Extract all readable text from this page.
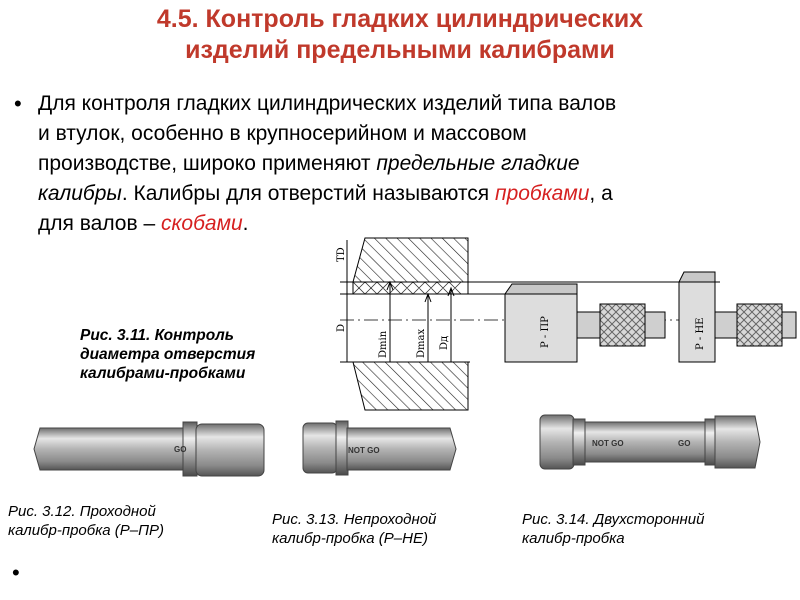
4.5. Контроль гладких цилиндрических
изделий предельными калибрами
• Для контроля гладких цилиндрических изделий типа валов
и втулок, особенно в крупносерийном и массовом
производстве, широко применяют предельные гладкие
калибры. Калибры для отверстий называются пробками, а
для валов – скобами.
TD
D
Dmin	Dmax Dд	Р - ПР	Р - НЕ
Рис. 3.11. Контроль
диаметра отверстия
калибрами-пробками
GO	NOT GO
NOT GO	GO
Рис. 3.12. Проходной
калибр-пробка (Р–ПР)
Рис. 3.13. Непроходной
калибр-пробка (Р–НЕ)
Рис. 3.14. Двухсторонний
калибр-пробка
•
